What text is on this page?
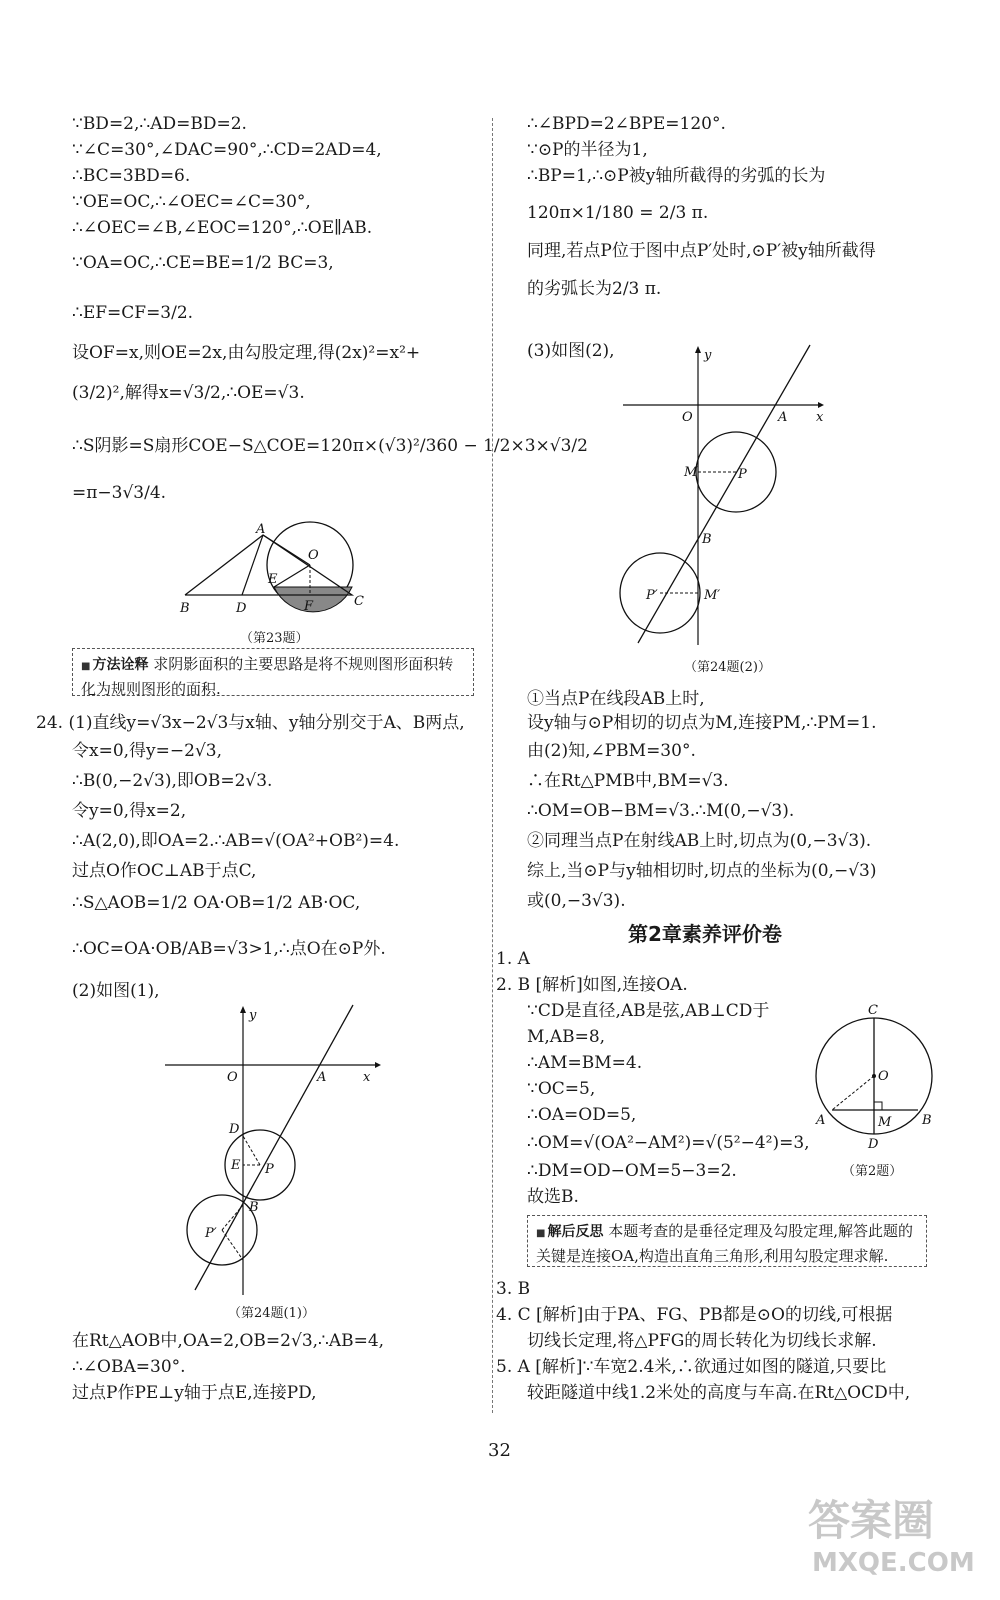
∵BD=2,∴AD=BD=2.
∵∠C=30°,∠DAC=90°,∴CD=2AD=4,
∴BC=3BD=6.
∵OE=OC,∴∠OEC=∠C=30°,
∴∠OEC=∠B,∠EOC=120°,∴OE∥AB.
∵OA=OC,∴CE=BE=1/2 BC=3,
∴EF=CF=3/2.
设OF=x,则OE=2x,由勾股定理,得(2x)²=x²+
(3/2)²,解得x=√3/2,∴OE=√3.
∴S阴影=S扇形COE−S△COE=120π×(√3)²/360 − 1/2×3×√3/2
=π−3√3/4.
A
O
E
F
B	D	C
（第23题）
■ 方法诠释 求阴影面积的主要思路是将不规则图形面积转化为规则图形的面积.
24. (1)直线y=√3x−2√3与x轴、y轴分别交于A、B两点,
令x=0,得y=−2√3,
∴B(0,−2√3),即OB=2√3.
令y=0,得x=2,
∴A(2,0),即OA=2.∴AB=√(OA²+OB²)=4.
过点O作OC⊥AB于点C,
∴S△AOB=1/2 OA·OB=1/2 AB·OC,
∴OC=OA·OB/AB=√3>1,∴点O在⊙P外.
(2)如图(1),
y
O	A	x
D
E P
B
P′
（第24题(1)）
在Rt△AOB中,OA=2,OB=2√3,∴AB=4,
∴∠OBA=30°.
过点P作PE⊥y轴于点E,连接PD,
∴∠BPD=2∠BPE=120°.
∵⊙P的半径为1,
∴BP=1,∴⊙P被y轴所截得的劣弧的长为
120π×1/180 = 2/3 π.
同理,若点P位于图中点P′处时,⊙P′被y轴所截得
的劣弧长为2/3 π.
(3)如图(2),	y
O	A x
M	P
B
P′	M′
（第24题(2)）
①当点P在线段AB上时,
设y轴与⊙P相切的切点为M,连接PM,∴PM=1.
由(2)知,∠PBM=30°.
∴在Rt△PMB中,BM=√3.
∴OM=OB−BM=√3.∴M(0,−√3).
②同理当点P在射线AB上时,切点为(0,−3√3).
综上,当⊙P与y轴相切时,切点的坐标为(0,−√3)
或(0,−3√3).
第2章素养评价卷
1. A
2. B [解析]如图,连接OA.
∵CD是直径,AB是弦,AB⊥CD于
M,AB=8,
∴AM=BM=4.
∵OC=5,
∴OA=OD=5,
∴OM=√(OA²−AM²)=√(5²−4²)=3,
∴DM=OD−OM=5−3=2.
故选B.
C
O
A	M B
D
（第2题）
■ 解后反思 本题考查的是垂径定理及勾股定理,解答此题的关键是连接OA,构造出直角三角形,利用勾股定理求解.
3. B
4. C [解析]由于PA、FG、PB都是⊙O的切线,可根据
切线长定理,将△PFG的周长转化为切线长求解.
5. A [解析]∵车宽2.4米,∴欲通过如图的隧道,只要比
较距隧道中线1.2米处的高度与车高.在Rt△OCD中,
32
答案圈
MXQE.COM
